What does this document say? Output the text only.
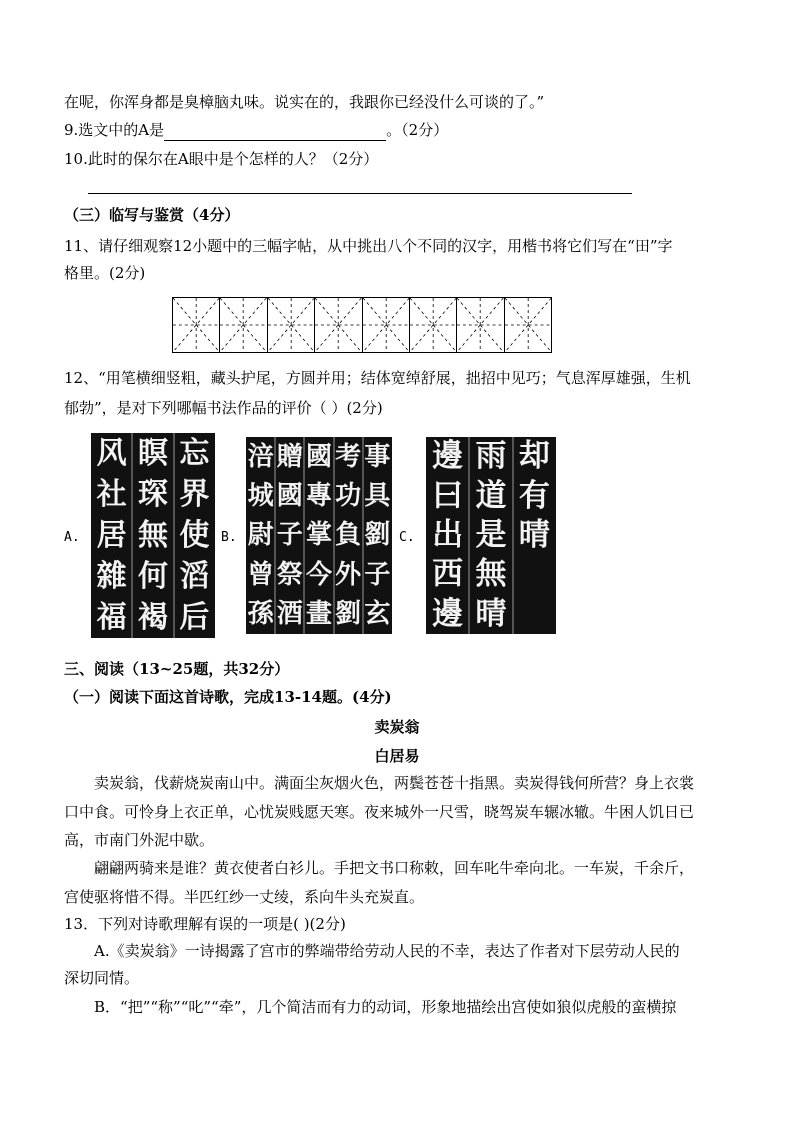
在呢，你浑身都是臭樟脑丸味。说实在的，我跟你已经没什么可谈的了。”
9.选文中的A是	。（2分）
10.此时的保尔在A眼中是个怎样的人？（2分）
（三）临写与鉴赏（4分）
11、请仔细观察12小题中的三幅字帖，从中挑出八个不同的汉字，用楷书将它们写在“田”字
格里。(2分)
12、“用笔横细竖粗，藏头护尾，方圆并用；结体宽绰舒展，拙招中见巧；气息浑厚雄强，生机
郁勃”，是对下列哪幅书法作品的评价（ ）(2分)
A.
风
社
居
雜
福
瞑
琛
無
何
褐
忘
界
使
滔
后
B.
涪
城
尉
曾
孫
贈
國
子
祭
酒
國
專
掌
今
畫
考
功
負
外
劉
事
具
劉
子
玄
C.
邊
曰
出
西
邊
雨
道
是
無
晴
却
有
晴
三、阅读（13~25题，共32分）
（一）阅读下面这首诗歌，完成13-14题。(4分)
卖炭翁
白居易
卖炭翁，伐薪烧炭南山中。满面尘灰烟火色，两鬓苍苍十指黑。卖炭得钱何所营？身上衣裳
口中食。可怜身上衣正单，心忧炭贱愿天寒。夜来城外一尺雪，晓驾炭车辗冰辙。牛困人饥日已
高，市南门外泥中歇。
翩翩两骑来是谁？黄衣使者白衫儿。手把文书口称敕，回车叱牛牵向北。一车炭，千余斤，
宫使驱将惜不得。半匹红纱一丈绫，系向牛头充炭直。
13．下列对诗歌理解有误的一项是( )(2分)
A.《卖炭翁》一诗揭露了宫市的弊端带给劳动人民的不幸，表达了作者对下层劳动人民的
深切同情。
B．“把”“称”“叱”“牵”，几个简洁而有力的动词，形象地描绘出宫使如狼似虎般的蛮横掠
